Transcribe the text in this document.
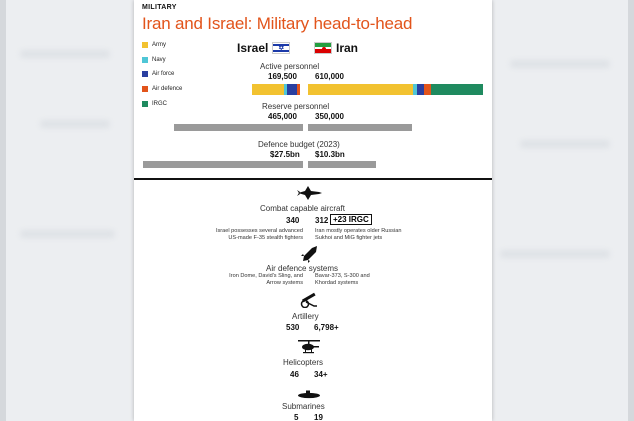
MILITARY
Iran and Israel: Military head-to-head
Army
Navy
Air force
Air defence
IRGC
Israel ✡	Iran
Active personnel
169,500 610,000
Reserve personnel
465,000 350,000
Defence budget (2023)
$27.5bn $10.3bn
Combat capable aircraft
340 312 +23 IRGC
Israel possesses several advanced
US-made F-35 stealth fighters
Iran mostly operates older Russian
Sukhoi and MiG fighter jets
Air defence systems
Iron Dome, David's Sling, and
Arrow systems
Bavar-373, S-300 and
Khordad systems
Artillery
530 6,798+
Helicopters
46 34+
Submarines
5 19
